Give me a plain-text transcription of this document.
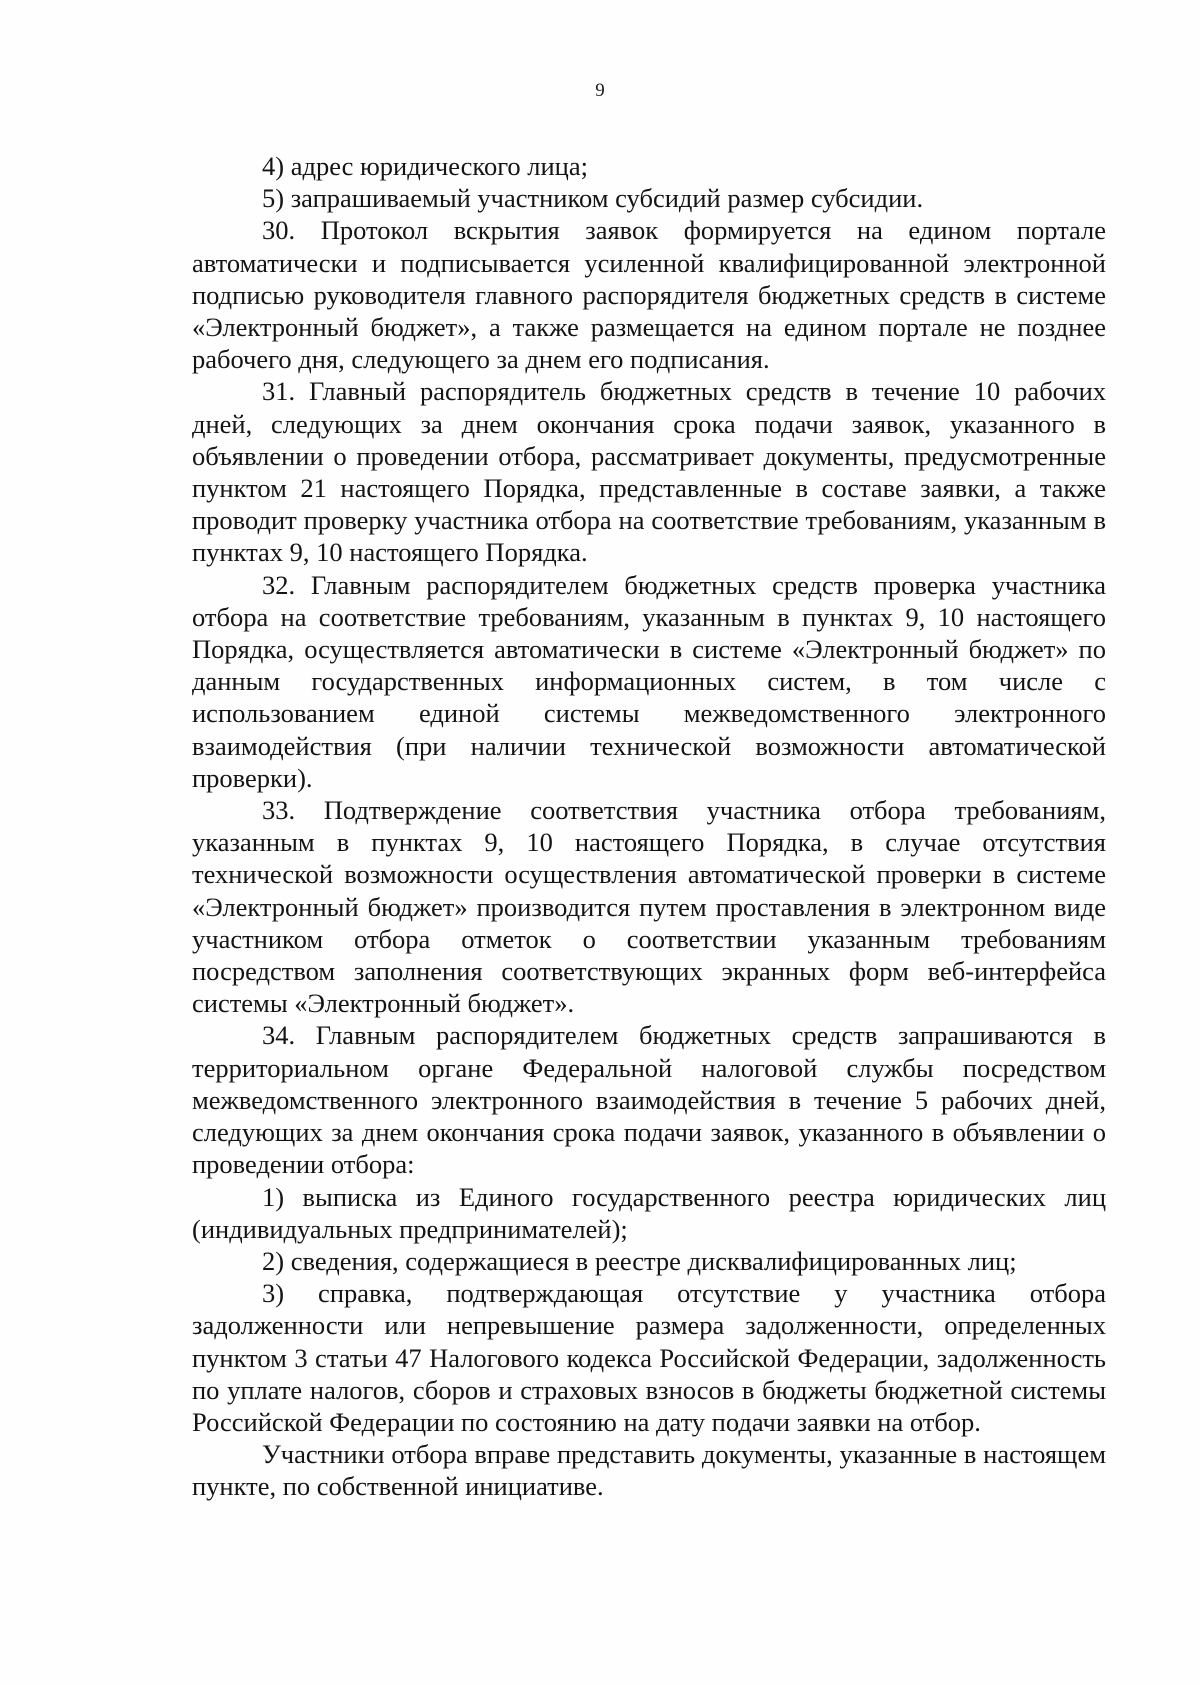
9

4) адрес юридического лица;

5) запрашиваемый участником субсидий размер субсидии.

30. Протокол вскрытия заявок формируется на едином портале автоматически и подписывается усиленной квалифицированной электронной подписью руководителя главного распорядителя бюджетных средств в системе «Электронный бюджет», а также размещается на едином портале не позднее рабочего дня, следующего за днем его подписания.

31. Главный распорядитель бюджетных средств в течение 10 рабочих дней, следующих за днем окончания срока подачи заявок, указанного в объявлении о проведении отбора, рассматривает документы, предусмотренные пунктом 21 настоящего Порядка, представленные в составе заявки, а также проводит проверку участника отбора на соответствие требованиям, указанным в пунктах 9, 10 настоящего Порядка.

32. Главным распорядителем бюджетных средств проверка участника отбора на соответствие требованиям, указанным в пунктах 9, 10 настоящего Порядка, осуществляется автоматически в системе «Электронный бюджет» по данным государственных информационных систем, в том числе с использованием единой системы межведомственного электронного взаимодействия (при наличии технической возможности автоматической проверки).

33. Подтверждение соответствия участника отбора требованиям, указанным в пунктах 9, 10 настоящего Порядка, в случае отсутствия технической возможности осуществления автоматической проверки в системе «Электронный бюджет» производится путем проставления в электронном виде участником отбора отметок о соответствии указанным требованиям посредством заполнения соответствующих экранных форм веб-интерфейса системы «Электронный бюджет».

34. Главным распорядителем бюджетных средств запрашиваются в территориальном органе Федеральной налоговой службы посредством межведомственного электронного взаимодействия в течение 5 рабочих дней, следующих за днем окончания срока подачи заявок, указанного в объявлении о проведении отбора:

1) выписка из Единого государственного реестра юридических лиц (индивидуальных предпринимателей);

2) сведения, содержащиеся в реестре дисквалифицированных лиц;

3) справка, подтверждающая отсутствие у участника отбора задолженности или непревышение размера задолженности, определенных пунктом 3 статьи 47 Налогового кодекса Российской Федерации, задолженность по уплате налогов, сборов и страховых взносов в бюджеты бюджетной системы Российской Федерации по состоянию на дату подачи заявки на отбор.

Участники отбора вправе представить документы, указанные в настоящем пункте, по собственной инициативе.
